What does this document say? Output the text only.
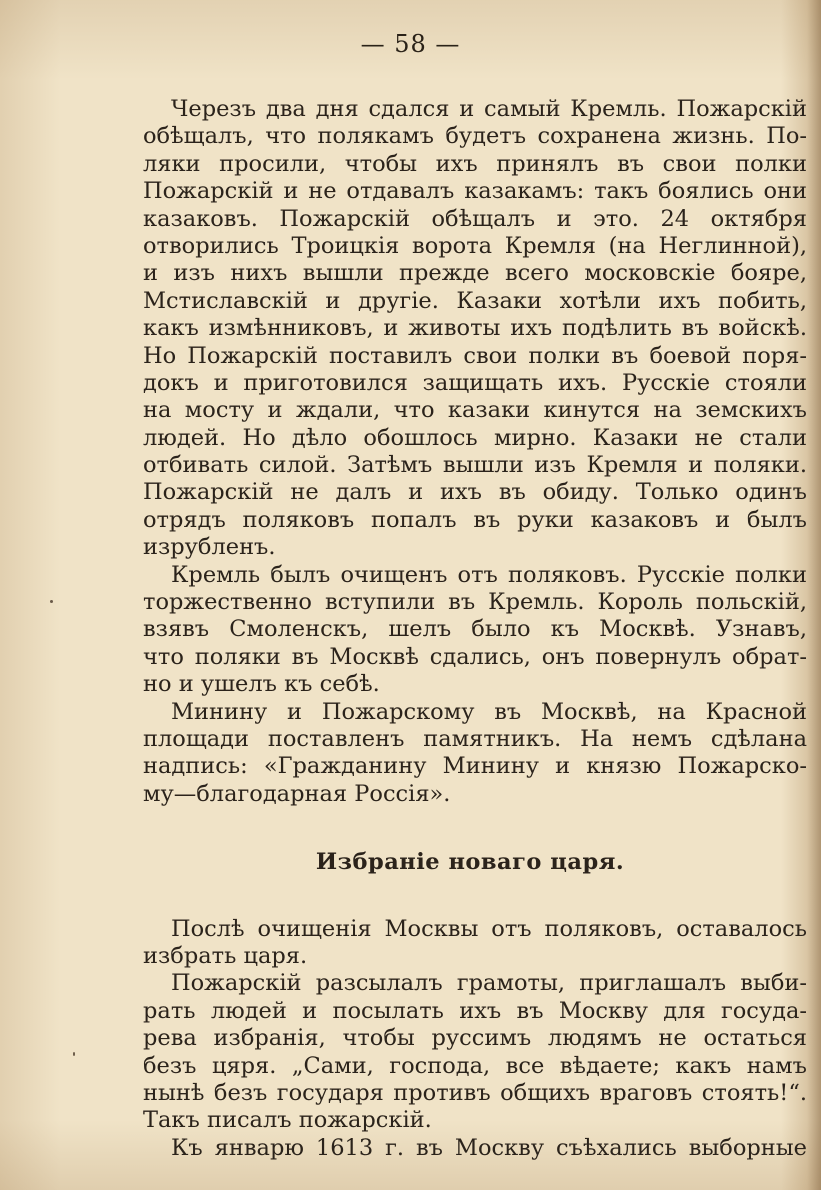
— 58 —
Черезъ два дня сдался и самый Кремль. Пожарскій
обѣщалъ, что полякамъ будетъ сохранена жизнь. По-
ляки просили, чтобы ихъ принялъ въ свои полки
Пожарскій и не отдавалъ казакамъ: такъ боялись они
казаковъ. Пожарскій обѣщалъ и это. 24 октября
отворились Троицкія ворота Кремля (на Неглинной),
и изъ нихъ вышли прежде всего московскіе бояре,
Мстиславскій и другіе. Казаки хотѣли ихъ побить,
какъ измѣнниковъ, и животы ихъ подѣлить въ войскѣ.
Но Пожарскій поставилъ свои полки въ боевой поря-
докъ и приготовился защищать ихъ. Русскіе стояли
на мосту и ждали, что казаки кинутся на земскихъ
людей. Но дѣло обошлось мирно. Казаки не стали
отбивать силой. Затѣмъ вышли изъ Кремля и поляки.
Пожарскій не далъ и ихъ въ обиду. Только одинъ
отрядъ поляковъ попалъ въ руки казаковъ и былъ
изрубленъ.
Кремль былъ очищенъ отъ поляковъ. Русскіе полки
торжественно вступили въ Кремль. Король польскій,
взявъ Смоленскъ, шелъ было къ Москвѣ. Узнавъ,
что поляки въ Москвѣ сдались, онъ повернулъ обрат-
но и ушелъ къ себѣ.
Минину и Пожарскому въ Москвѣ, на Красной
площади поставленъ памятникъ. На немъ сдѣлана
надпись: «Гражданину Минину и князю Пожарско-
му—благодарная Россія».
Избраніе новаго царя.
Послѣ очищенія Москвы отъ поляковъ, оставалось
избрать царя.
Пожарскій разсылалъ грамоты, приглашалъ выби-
рать людей и посылать ихъ въ Москву для госуда-
рева избранія, чтобы руссимъ людямъ не остаться
безъ цяря. „Сами, господа, все вѣдаете; какъ намъ
нынѣ безъ государя противъ общихъ враговъ стоять!“.
Такъ писалъ пожарскій.
Къ январю 1613 г. въ Москву съѣхались выборные
